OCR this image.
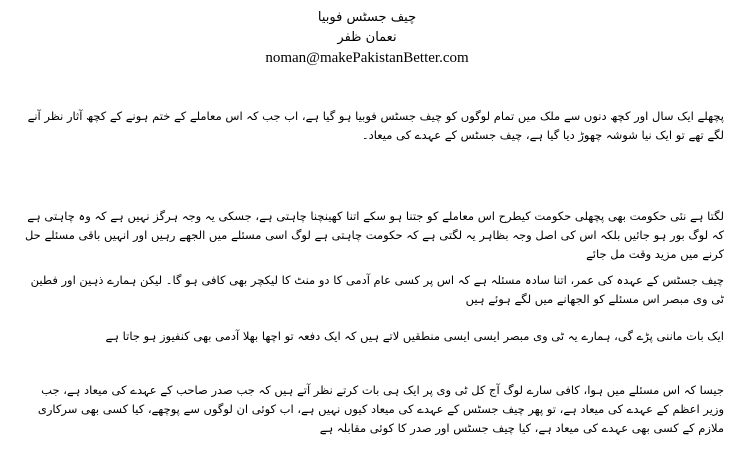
چیف جسٹس فوبیا
نعمان ظفر
noman@makePakistanBetter.com
پچھلے ایک سال اور کچھ دنوں سے ملک میں تمام لوگوں کو چیف جسٹس فوبیا ہو گیا ہے، اب جب کہ اس معاملے کے ختم ہونے کے کچھ آثار نظر آنے لگے تھے تو ایک نیا شوشہ چھوڑ دیا گیا ہے، چیف جسٹس کے عہدے کی میعاد۔
لگتا ہے نئی حکومت بھی پچھلی حکومت کیطرح اس معاملے کو جتنا ہو سکے اتنا کھینچنا چاہتی ہے، جسکی یہ وجہ ہرگز نہیں ہے کہ وہ چاہتی ہے کہ لوگ بور ہو جائیں بلکہ اس کی اصل وجہ بظاہر یہ لگتی ہے کہ حکومت چاہتی ہے لوگ اسی مسئلے میں الجھے رہیں اور انہیں باقی مسئلے حل کرنے میں مزید وقت مل جائے
چیف جسٹس کے عہدہ کی عمر، اتنا سادہ مسئلہ ہے کہ اس پر کسی عام آدمی کا دو منٹ کا لیکچر بھی کافی ہو گا۔ لیکن ہمارے ذہین اور فطین ٹی وی مبصر اس مسئلے کو الجھانے میں لگے ہوئے ہیں
ایک بات ماننی پڑے گی، ہمارے یہ ٹی وی مبصر ایسی ایسی منطقیں لاتے ہیں کہ ایک دفعہ تو اچھا بھلا آدمی بھی کنفیوز ہو جاتا ہے
جیسا کہ اس مسئلے میں ہوا، کافی سارے لوگ آج کل ٹی وی پر ایک ہی بات کرتے نظر آتے ہیں کہ جب صدر صاحب کے عہدے کی میعاد ہے، جب وزیر اعظم کے عہدے کی میعاد ہے، تو پھر چیف جسٹس کے عہدے کی میعاد کیوں نہیں ہے، اب کوئی ان لوگوں سے پوچھے، کیا کسی بھی سرکاری ملازم کے کسی بھی عہدے کی میعاد ہے، کیا چیف جسٹس اور صدر کا کوئی مقابلہ ہے
